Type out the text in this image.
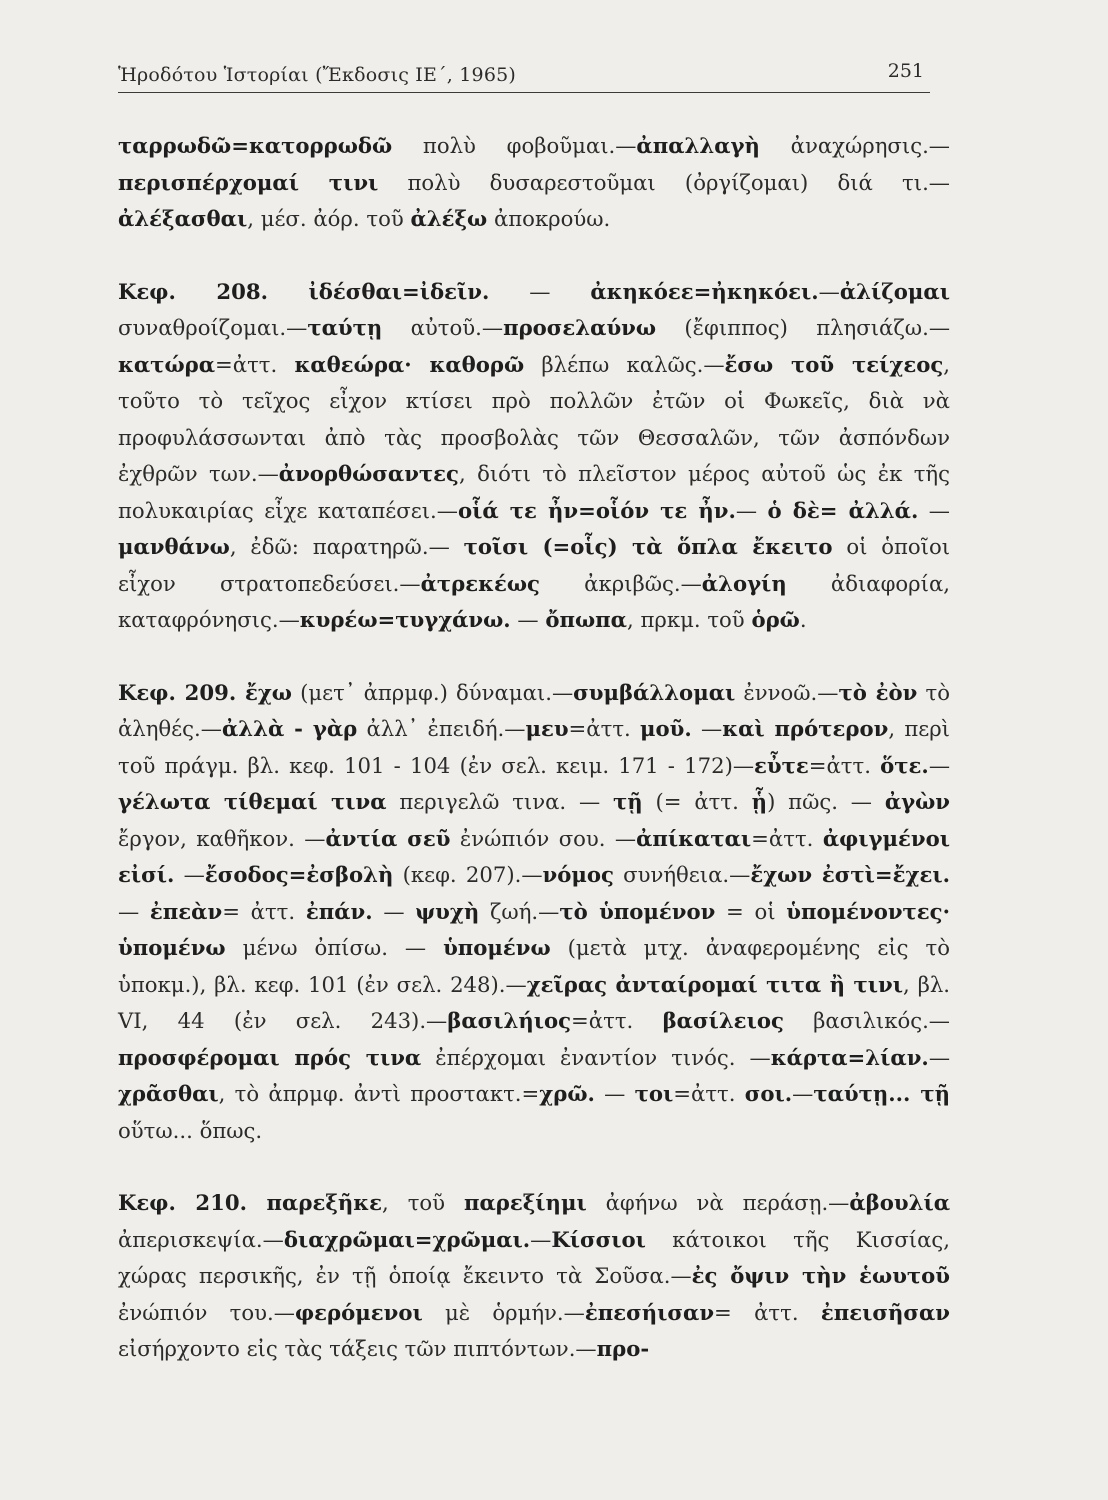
Ἡροδότου Ἱστορίαι (Ἔκδοσις ΙΕ΄, 1965)	251

ταρρωδῶ=κατορρωδῶ πολὺ φοβοῦμαι.—ἀπαλλαγὴ ἀναχώρησις.—περισπέρχομαί τινι πολὺ δυσαρεστοῦμαι (ὀργίζομαι) διά τι.—ἀλέξασθαι, μέσ. ἀόρ. τοῦ ἀλέξω ἀποκρούω.

Κεφ. 208. ἰδέσθαι=ἰδεῖν. — ἀκηκόεε=ἠκηκόει.—ἀλίζομαι συναθροίζομαι.—ταύτῃ αὐτοῦ.—προσελαύνω (ἔφιππος) πλησιάζω.—κατώρα=ἀττ. καθεώρα· καθορῶ βλέπω καλῶς.—ἔσω τοῦ τείχεος, τοῦτο τὸ τεῖχος εἶχον κτίσει πρὸ πολλῶν ἐτῶν οἱ Φωκεῖς, διὰ νὰ προφυλάσσωνται ἀπὸ τὰς προσβολὰς τῶν Θεσσαλῶν, τῶν ἀσπόνδων ἐχθρῶν των.—ἀνορθώσαντες, διότι τὸ πλεῖστον μέρος αὐτοῦ ὡς ἐκ τῆς πολυκαιρίας εἶχε καταπέσει.—οἷά τε ἦν=οἷόν τε ἦν.— ὁ δὲ= ἀλλά. — μανθάνω, ἐδῶ: παρατηρῶ.— τοῖσι (=οἷς) τὰ ὅπλα ἔκειτο οἱ ὁποῖοι εἶχον στρατοπεδεύσει.—ἀτρεκέως ἀκριβῶς.—ἀλογίη ἀδιαφορία, καταφρόνησις.—κυρέω=τυγχάνω. — ὄπωπα, πρκμ. τοῦ ὁρῶ.

Κεφ. 209. ἔχω (μετ᾽ ἀπρμφ.) δύναμαι.—συμβάλλομαι ἐννοῶ.—τὸ ἐὸν τὸ ἀληθές.—ἀλλὰ - γὰρ ἀλλ᾽ ἐπειδή.—μευ=ἀττ. μοῦ. —καὶ πρότερον, περὶ τοῦ πράγμ. βλ. κεφ. 101 - 104 (ἐν σελ. κειμ. 171 - 172)—εὖτε=ἀττ. ὅτε.—γέλωτα τίθεμαί τινα περιγελῶ τινα. — τῇ (= ἀττ. ᾗ) πῶς. — ἀγὼν ἔργον, καθῆκον. —ἀντία σεῦ ἐνώπιόν σου. —ἀπίκαται=ἀττ. ἀφιγμένοι εἰσί. —ἔσοδος=ἐσβολὴ (κεφ. 207).—νόμος συνήθεια.—ἔχων ἐστὶ=ἔχει.— ἐπεὰν= ἀττ. ἐπάν. — ψυχὴ ζωή.—τὸ ὑπομένον = οἱ ὑπομένοντες· ὑπομένω μένω ὀπίσω. — ὑπομένω (μετὰ μτχ. ἀναφερομένης εἰς τὸ ὑποκμ.), βλ. κεφ. 101 (ἐν σελ. 248).—χεῖρας ἀνταίρομαί τιτα ἢ τινι, βλ. VI, 44 (ἐν σελ. 243).—βασιλήιος=ἀττ. βασίλειος βασιλικός.—προσφέρομαι πρός τινα ἐπέρχομαι ἐναντίον τινός. —κάρτα=λίαν.—χρᾶσθαι, τὸ ἀπρμφ. ἀντὶ προστακτ.=χρῶ. — τοι=ἀττ. σοι.—ταύτῃ... τῇ οὕτω... ὅπως.

Κεφ. 210. παρεξῆκε, τοῦ παρεξίημι ἀφήνω νὰ περάσῃ.—ἀβουλία ἀπερισκεψία.—διαχρῶμαι=χρῶμαι.—Κίσσιοι κάτοικοι τῆς Κισσίας, χώρας περσικῆς, ἐν τῇ ὁποίᾳ ἔκειντο τὰ Σοῦσα.—ἐς ὄψιν τὴν ἑωυτοῦ ἐνώπιόν του.—φερόμενοι μὲ ὁρμήν.—ἐπεσήισαν= ἀττ. ἐπεισῆσαν εἰσήρχοντο εἰς τὰς τάξεις τῶν πιπτόντων.—προ-
